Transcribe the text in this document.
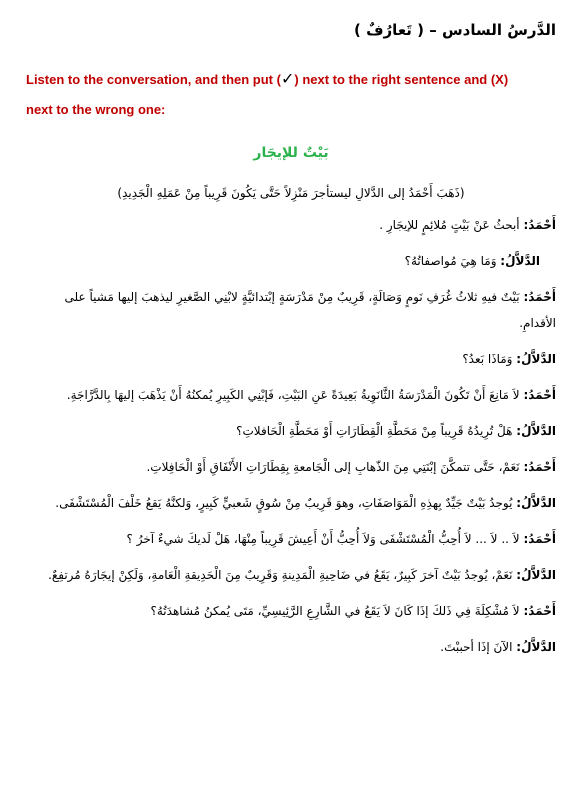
الدَّرسُ السادس – ( تَعارُفٌ )
Listen to the conversation, and then put (✓) next to the right sentence and (X)
next to the wrong one:
بَيْتٌ للإيجَار
(ذَهَبَ أَحْمَدُ إلى الدَّلالِ ليستأجرَ مَنْزِلاً حَتَّى يَكُونَ قَرِيباً مِنْ عَمَلِهِ الْجَدِيدِ)
أَحْمَدُ: أبحثُ عَنْ بَيْتٍ مُلائِمٍ للإيجَارِ .
الدَّلاَّلُ: وَمَا هِيَ مُواصفاتُهُ؟
أَحْمَدُ: بَيْتٌ فيهِ ثلاثُ غُرَفِ نَومٍ وَصَالَةٍ، قَرِيبٌ مِنْ مَدْرَسَةٍ إبْتدائيَّةٍ لابْنِي الصَّغيرِ ليذهبَ إليها مَشياً على الأقدامِ.
الدَّلاَّلُ: وَمَاذَا بَعدُ؟
أَحْمَدُ: لاَ مَانِعَ أَنْ تَكُونَ الْمَدْرَسَةُ الثَّانَوِيةُ بَعِيدَةً عَنِ البَيْتِ، فَإبْنِي الكَبِيرِ يُمكنُهُ أَنْ يَذْهَبَ إليهَا بِالدَّرَّاجَةِ.
الدَّلاَّلُ: هَلْ تُرِيدُهُ قَرِيباً مِنْ مَحَطَّةِ الْقِطَارَاتِ أَوْ مَحَطَّةِ الْحَافلاتِ؟
أَحْمَدُ: نَعَمْ، حَتَّى تتمكَّنَ إبْنَتِي مِنَ الذّهابِ إلى الْجَامعةِ بِقِطَارَاتِ الأَنْفَاقِ أَوْ الْحَافِلاتِ.
الدَّلاَّلُ: يُوجدُ بَيْتٌ جَيِّدٌ بِهذِهِ الْمَوَاصَفَاتِ، وهوَ قَرِيبٌ مِنْ سُوقٍ شَعبيٍّ كَبِيرٍ، وَلكنَّهُ يَقعُ خَلْفَ الْمُسْتَشْفَى.
أَحْمَدُ: لاَ .. لاَ ... لاَ أُحِبُّ الْمُسْتَشْفَى وَلاَ أُحِبُّ أَنْ أَعِيشَ قَرِيباً مِنْهَا، هَلْ لَديكَ شيءٌ آخرُ ؟
الدَّلاَّلُ: نَعَمْ، يُوجدُ بَيْتٌ آخرَ كَبِيرٌ، يَقَعُ في ضَاحِيةِ الْمَدِينةِ وَقَرِيبٌ مِنَ الْحَدِيقةِ الْعَامةِ، وَلَكِنْ إيجَارَهُ مُرتفِعٌ.
أَحْمَدُ: لاَ مُشْكِلَةَ فِي ذَلكَ إذَا كَانَ لاَ يَقَعُ في الشَّارِعِ الرَّئِيسِيِّ، مَتَى يُمكنُ مُشاهدَتُهُ؟
الدَّلاَّلُ: الآنَ إذَا أحببْتَ.
